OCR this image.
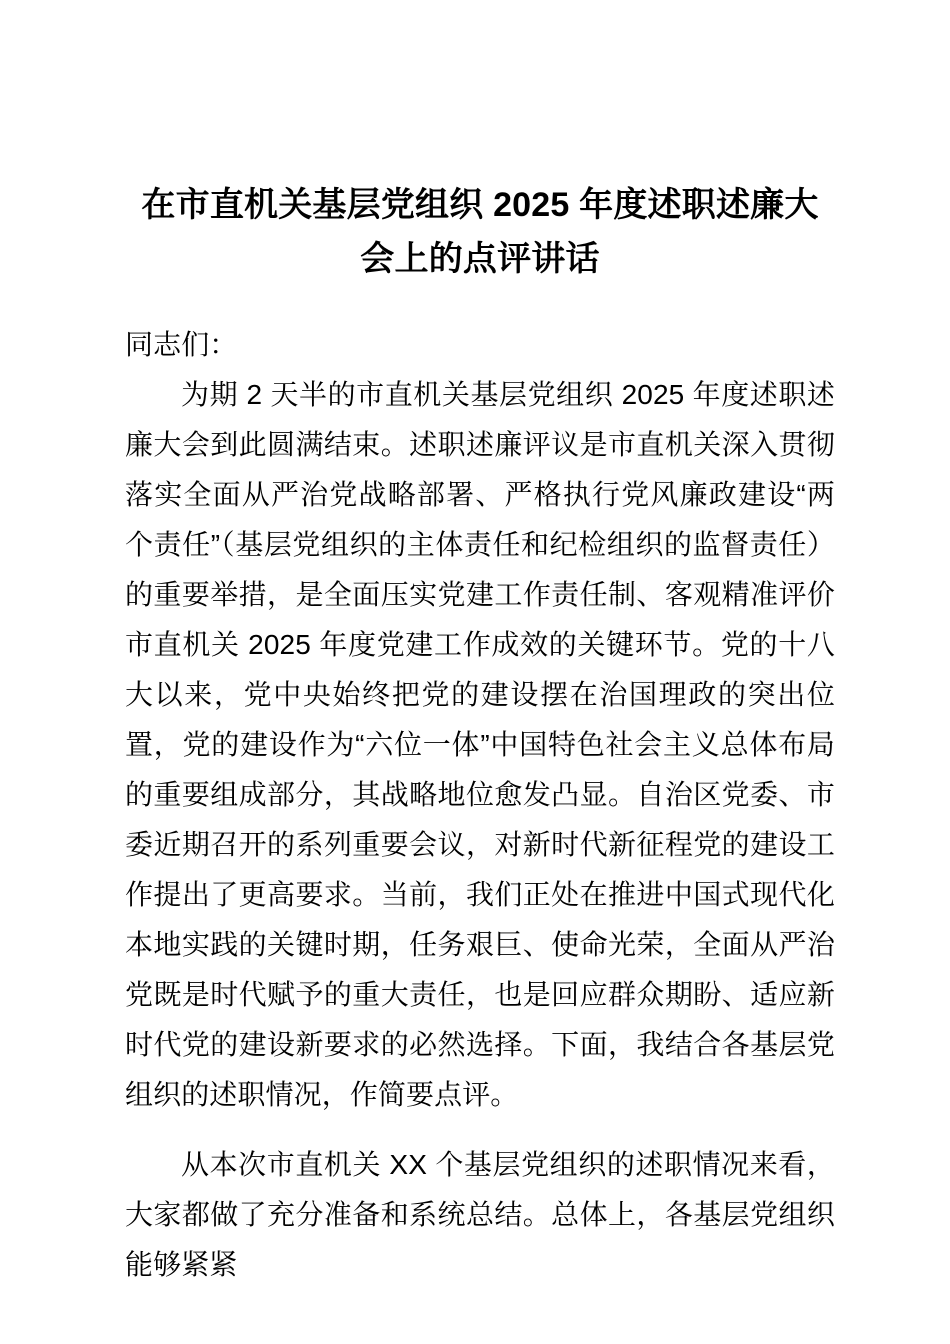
在市直机关基层党组织 2025 年度述职述廉大会上的点评讲话

同志们：

为期 2 天半的市直机关基层党组织 2025 年度述职述廉大会到此圆满结束。述职述廉评议是市直机关深入贯彻落实全面从严治党战略部署、严格执行党风廉政建设“两个责任”（基层党组织的主体责任和纪检组织的监督责任）的重要举措，是全面压实党建工作责任制、客观精准评价市直机关 2025 年度党建工作成效的关键环节。党的十八大以来，党中央始终把党的建设摆在治国理政的突出位置，党的建设作为“六位一体”中国特色社会主义总体布局的重要组成部分，其战略地位愈发凸显。自治区党委、市委近期召开的系列重要会议，对新时代新征程党的建设工作提出了更高要求。当前，我们正处在推进中国式现代化本地实践的关键时期，任务艰巨、使命光荣，全面从严治党既是时代赋予的重大责任，也是回应群众期盼、适应新时代党的建设新要求的必然选择。下面，我结合各基层党组织的述职情况，作简要点评。

从本次市直机关 XX 个基层党组织的述职情况来看，大家都做了充分准备和系统总结。总体上，各基层党组织能够紧紧
